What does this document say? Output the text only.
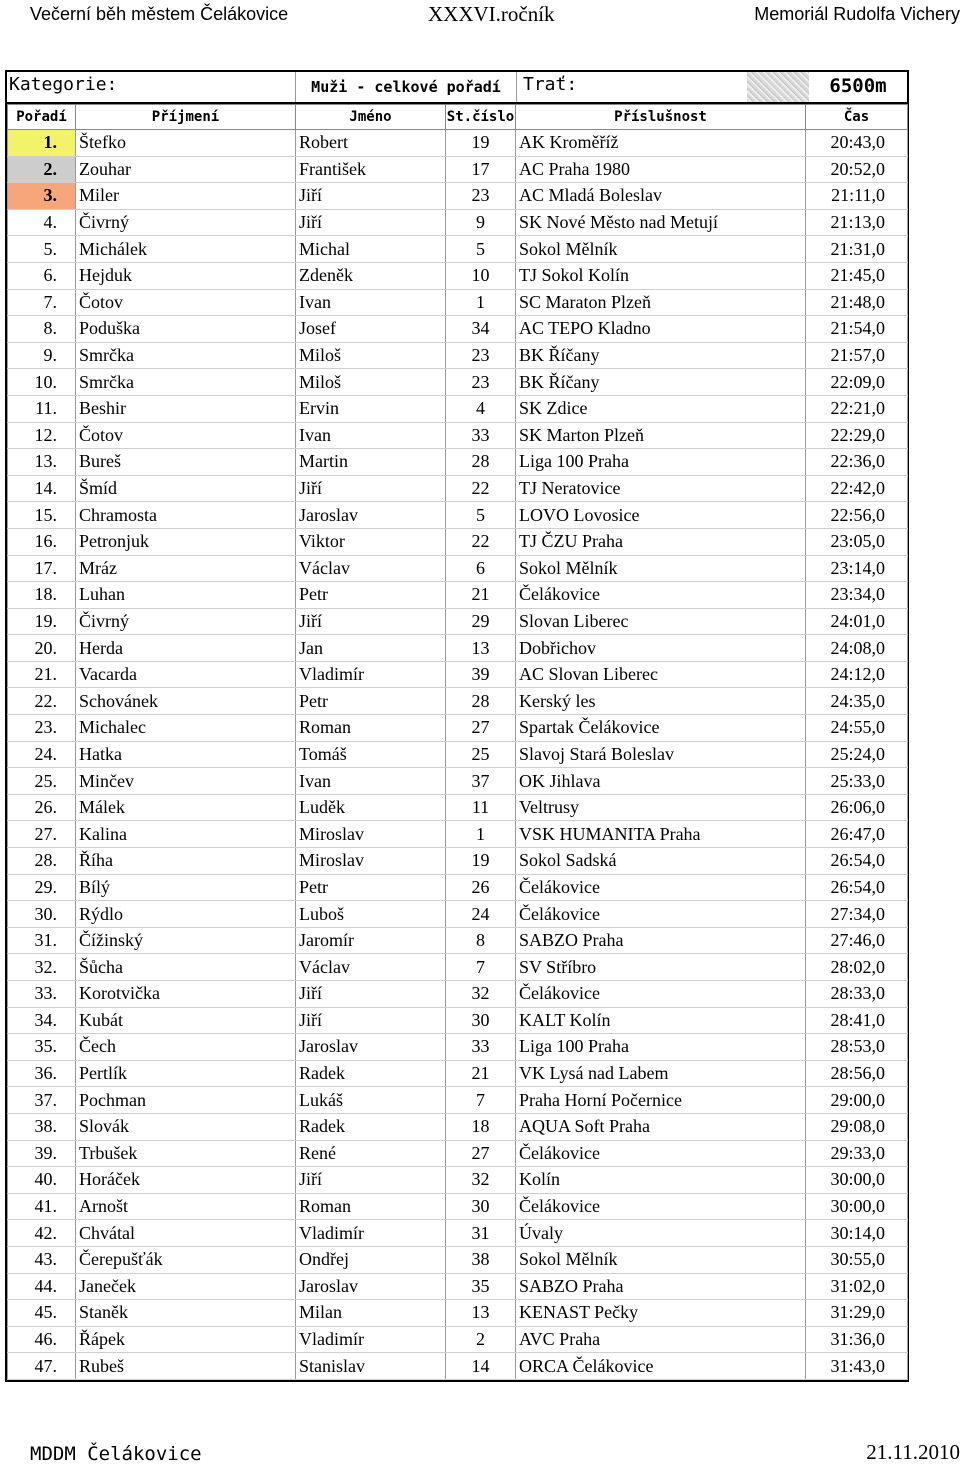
Večerní běh městem Čelákovice	XXXVI.ročník	Memoriál Rudolfa Vichery
Kategorie:	Muži - celkové pořadí	Trať:	6500m
Pořadí	Příjmení	Jméno	St.číslo	Příslušnost	Čas
1.	Štefko	Robert	19	AK Kroměříž	20:43,0
2.	Zouhar	František	17	AC Praha 1980	20:52,0
3.	Miler	Jiří	23	AC Mladá Boleslav	21:11,0
4.	Čivrný	Jiří	9	SK Nové Město nad Metují	21:13,0
5.	Michálek	Michal	5	Sokol Mělník	21:31,0
6.	Hejduk	Zdeněk	10	TJ Sokol Kolín	21:45,0
7.	Čotov	Ivan	1	SC Maraton Plzeň	21:48,0
8.	Poduška	Josef	34	AC TEPO Kladno	21:54,0
9.	Smrčka	Miloš	23	BK Říčany	21:57,0
10.	Smrčka	Miloš	23	BK Říčany	22:09,0
11.	Beshir	Ervin	4	SK Zdice	22:21,0
12.	Čotov	Ivan	33	SK Marton Plzeň	22:29,0
13.	Bureš	Martin	28	Liga 100 Praha	22:36,0
14.	Šmíd	Jiří	22	TJ Neratovice	22:42,0
15.	Chramosta	Jaroslav	5	LOVO Lovosice	22:56,0
16.	Petronjuk	Viktor	22	TJ ČZU Praha	23:05,0
17.	Mráz	Václav	6	Sokol Mělník	23:14,0
18.	Luhan	Petr	21	Čelákovice	23:34,0
19.	Čivrný	Jiří	29	Slovan Liberec	24:01,0
20.	Herda	Jan	13	Dobřichov	24:08,0
21.	Vacarda	Vladimír	39	AC Slovan Liberec	24:12,0
22.	Schovánek	Petr	28	Kerský les	24:35,0
23.	Michalec	Roman	27	Spartak Čelákovice	24:55,0
24.	Hatka	Tomáš	25	Slavoj Stará Boleslav	25:24,0
25.	Minčev	Ivan	37	OK Jihlava	25:33,0
26.	Málek	Luděk	11	Veltrusy	26:06,0
27.	Kalina	Miroslav	1	VSK HUMANITA Praha	26:47,0
28.	Říha	Miroslav	19	Sokol Sadská	26:54,0
29.	Bílý	Petr	26	Čelákovice	26:54,0
30.	Rýdlo	Luboš	24	Čelákovice	27:34,0
31.	Čížinský	Jaromír	8	SABZO Praha	27:46,0
32.	Šůcha	Václav	7	SV Stříbro	28:02,0
33.	Korotvička	Jiří	32	Čelákovice	28:33,0
34.	Kubát	Jiří	30	KALT Kolín	28:41,0
35.	Čech	Jaroslav	33	Liga 100 Praha	28:53,0
36.	Pertlík	Radek	21	VK Lysá nad Labem	28:56,0
37.	Pochman	Lukáš	7	Praha Horní Počernice	29:00,0
38.	Slovák	Radek	18	AQUA Soft Praha	29:08,0
39.	Trbušek	René	27	Čelákovice	29:33,0
40.	Horáček	Jiří	32	Kolín	30:00,0
41.	Arnošt	Roman	30	Čelákovice	30:00,0
42.	Chvátal	Vladimír	31	Úvaly	30:14,0
43.	Čerepušťák	Ondřej	38	Sokol Mělník	30:55,0
44.	Janeček	Jaroslav	35	SABZO Praha	31:02,0
45.	Staněk	Milan	13	KENAST Pečky	31:29,0
46.	Řápek	Vladimír	2	AVC Praha	31:36,0
47.	Rubeš	Stanislav	14	ORCA Čelákovice	31:43,0
MDDM Čelákovice	21.11.2010
